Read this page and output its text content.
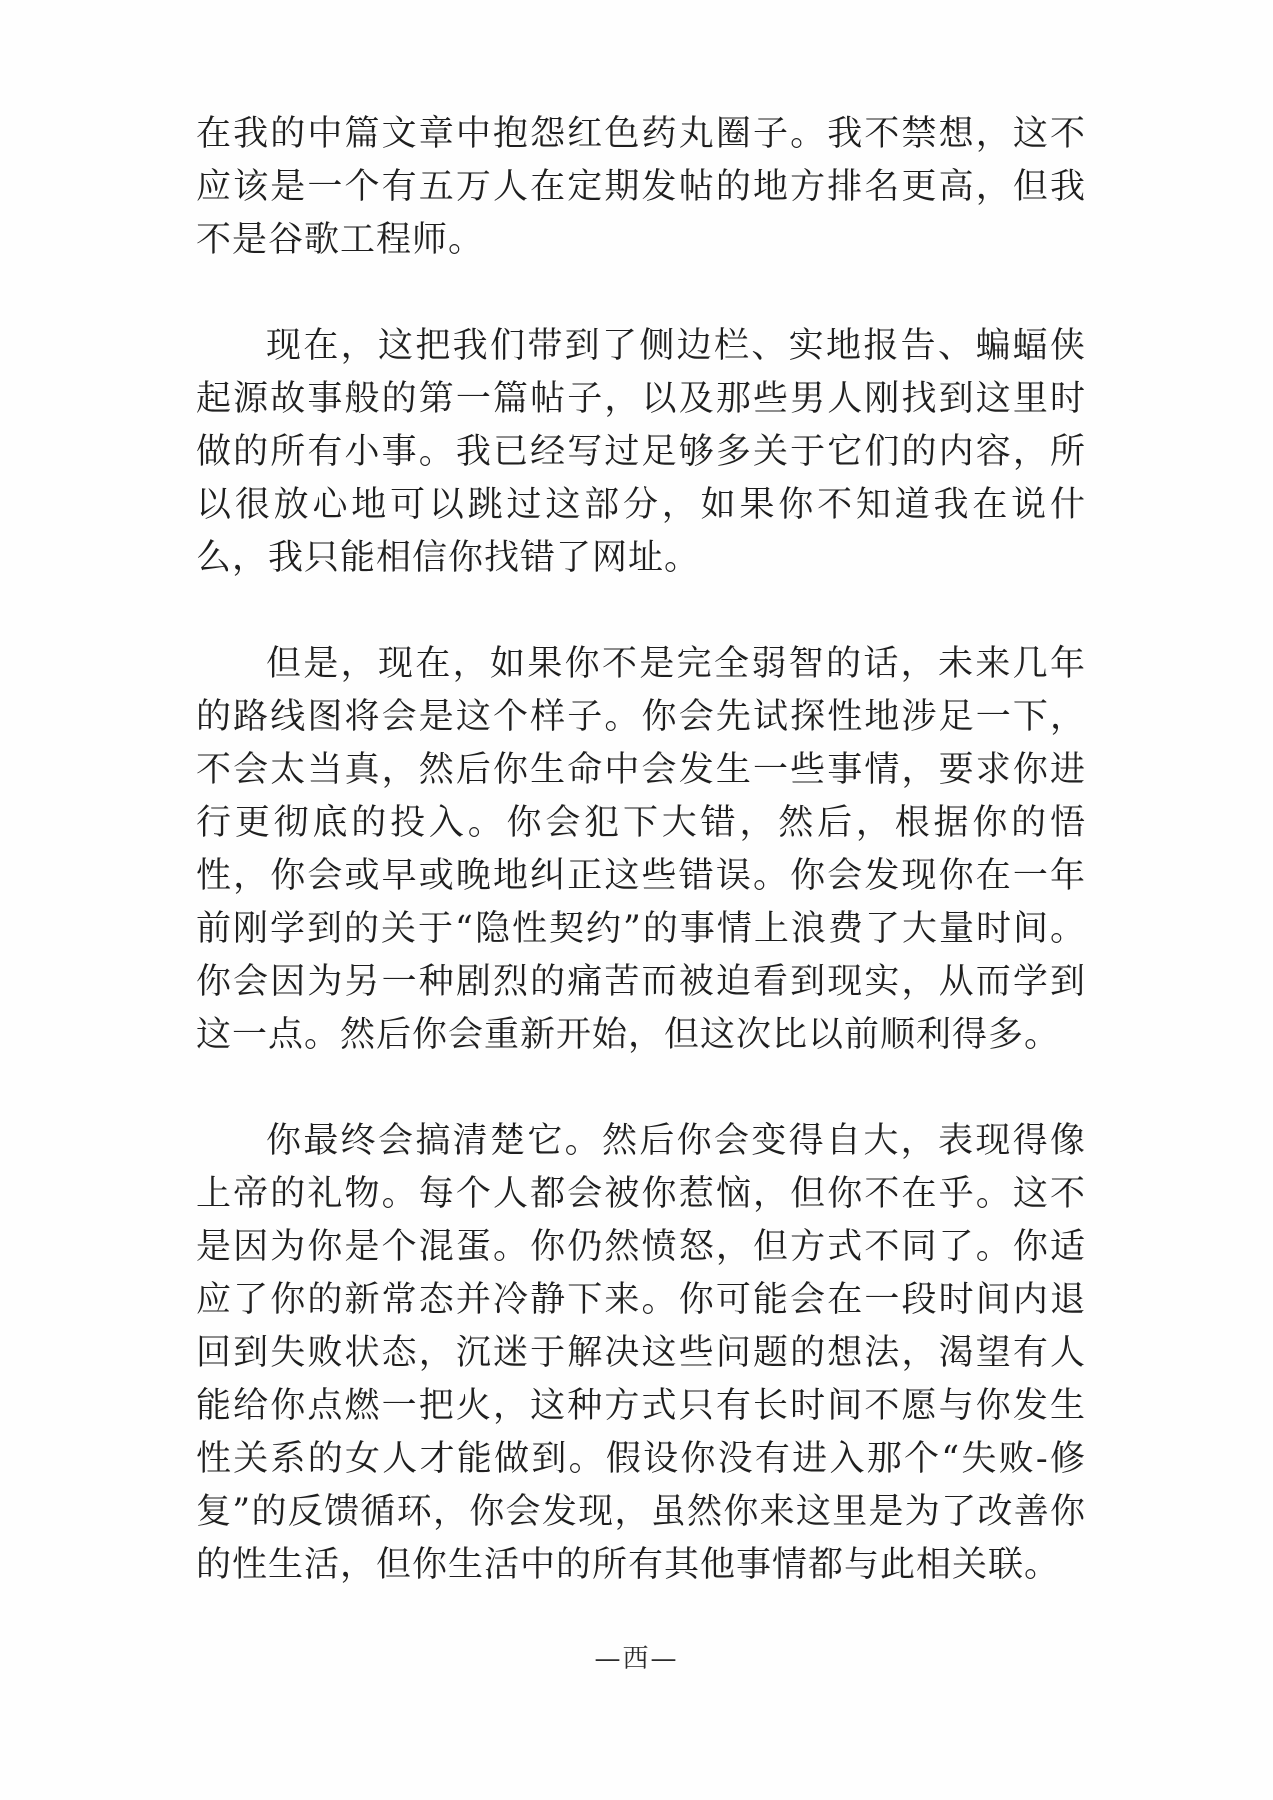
在我的中篇文章中抱怨红色药丸圈子。我不禁想，这不应该是一个有五万人在定期发帖的地方排名更高，但我不是谷歌工程师。

现在，这把我们带到了侧边栏、实地报告、蝙蝠侠起源故事般的第一篇帖子，以及那些男人刚找到这里时做的所有小事。我已经写过足够多关于它们的内容，所以很放心地可以跳过这部分，如果你不知道我在说什么，我只能相信你找错了网址。

但是，现在，如果你不是完全弱智的话，未来几年的路线图将会是这个样子。你会先试探性地涉足一下，不会太当真，然后你生命中会发生一些事情，要求你进行更彻底的投入。你会犯下大错，然后，根据你的悟性，你会或早或晚地纠正这些错误。你会发现你在一年前刚学到的关于“隐性契约”的事情上浪费了大量时间。你会因为另一种剧烈的痛苦而被迫看到现实，从而学到这一点。然后你会重新开始，但这次比以前顺利得多。

你最终会搞清楚它。然后你会变得自大，表现得像上帝的礼物。每个人都会被你惹恼，但你不在乎。这不是因为你是个混蛋。你仍然愤怒，但方式不同了。你适应了你的新常态并冷静下来。你可能会在一段时间内退回到失败状态，沉迷于解决这些问题的想法，渴望有人能给你点燃一把火，这种方式只有长时间不愿与你发生性关系的女人才能做到。假设你没有进入那个“失败-修复”的反馈循环，你会发现，虽然你来这里是为了改善你的性生活，但你生活中的所有其他事情都与此相关联。

—西—
